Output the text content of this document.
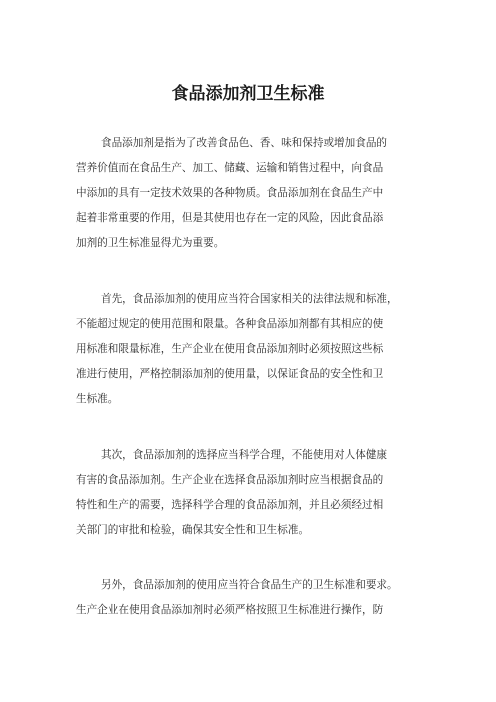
食品添加剂卫生标准
食品添加剂是指为了改善食品色、香、味和保持或增加食品的
营养价值而在食品生产、加工、储藏、运输和销售过程中，向食品
中添加的具有一定技术效果的各种物质。食品添加剂在食品生产中
起着非常重要的作用，但是其使用也存在一定的风险，因此食品添
加剂的卫生标准显得尤为重要。
首先，食品添加剂的使用应当符合国家相关的法律法规和标准，
不能超过规定的使用范围和限量。各种食品添加剂都有其相应的使
用标准和限量标准，生产企业在使用食品添加剂时必须按照这些标
准进行使用，严格控制添加剂的使用量，以保证食品的安全性和卫
生标准。
其次，食品添加剂的选择应当科学合理，不能使用对人体健康
有害的食品添加剂。生产企业在选择食品添加剂时应当根据食品的
特性和生产的需要，选择科学合理的食品添加剂，并且必须经过相
关部门的审批和检验，确保其安全性和卫生标准。
另外，食品添加剂的使用应当符合食品生产的卫生标准和要求。
生产企业在使用食品添加剂时必须严格按照卫生标准进行操作，防
